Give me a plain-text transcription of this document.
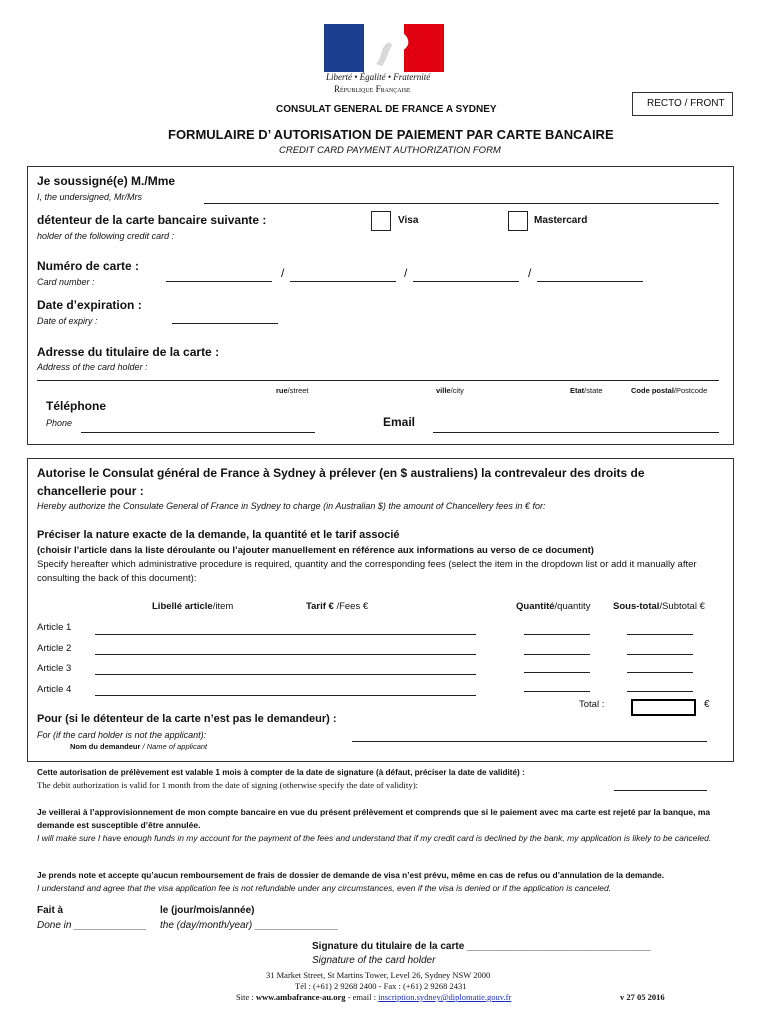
Liberté • Égalité • Fraternité
République Française
CONSULAT GENERAL DE FRANCE A SYDNEY
RECTO / FRONT
FORMULAIRE D’ AUTORISATION DE PAIEMENT PAR CARTE BANCAIRE
CREDIT CARD PAYMENT AUTHORIZATION FORM
Je soussigné(e) M./Mme
I, the undersigned, Mr/Mrs
détenteur de la carte bancaire suivante :
holder of the following credit card :
Visa	Mastercard
Numéro de carte :
Card number :
/	/	/
Date d’expiration :
Date of expiry :
Adresse du titulaire de la carte :
Address of the card holder :
rue/street	ville/city	Etat/state	Code postal/Postcode
Téléphone
Phone	Email
Autorise le Consulat général de France à Sydney à prélever (en $ australiens) la contrevaleur des droits de chancellerie pour :
Hereby authorize the Consulate General of France in Sydney to charge (in Australian $) the amount of Chancellery fees in € for:
Préciser la nature exacte de la demande, la quantité et le tarif associé
(choisir l’article dans la liste déroulante ou l’ajouter manuellement en référence aux informations au verso de ce document)
Specify hereafter which administrative procedure is required, quantity and the corresponding fees (select the item in the dropdown list or add it manually after consulting the back of this document):
Libellé article/item	Tarif € /Fees €	Quantité/quantity Sous-total/Subtotal €
Article 1
Article 2
Article 3
Article 4
Total :	€
Pour (si le détenteur de la carte n’est pas le demandeur) :
For (if the card holder is not the applicant):
Nom du demandeur / Name of applicant
Cette autorisation de prélèvement est valable 1 mois à compter de la date de signature (à défaut, préciser la date de validité) :
The debit authorization is valid for 1 month from the date of signing (otherwise specify the date of validity):
Je veillerai à l’approvisionnement de mon compte bancaire en vue du présent prélèvement et comprends que si le paiement avec ma carte est rejeté par la banque, ma demande est susceptible d’être annulée.
I will make sure I have enough funds in my account for the payment of the fees and understand that if my credit card is declined by the bank, my application is likely to be canceled.
Je prends note et accepte qu’aucun remboursement de frais de dossier de demande de visa n’est prévu, même en cas de refus ou d’annulation de la demande.
I understand and agree that the visa application fee is not refundable under any circumstances, even if the visa is denied or if the application is canceled.
Fait à	le (jour/mois/année)
Done in _____________ the (day/month/year) _______________
Signature du titulaire de la carte _________________________________
Signature of the card holder
31 Market Street, St Martins Tower, Level 26, Sydney NSW 2000
Tél : (+61) 2 9268 2400 - Fax : (+61) 2 9268 2431
Site : www.ambafrance-au.org - email : inscription.sydney@diplomatie.gouv.fr	v 27 05 2016
